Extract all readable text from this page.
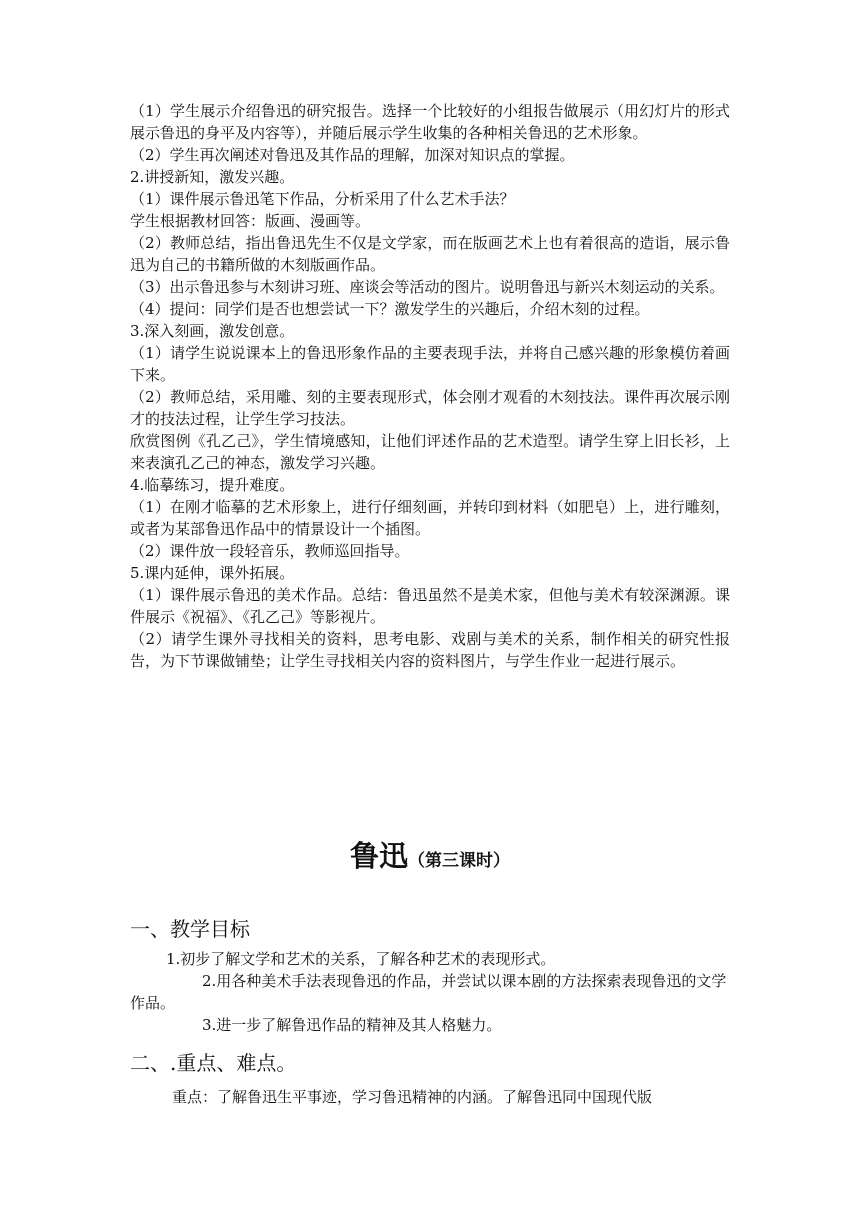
（1）学生展示介绍鲁迅的研究报告。选择一个比较好的小组报告做展示（用幻灯片的形式展示鲁迅的身平及内容等），并随后展示学生收集的各种相关鲁迅的艺术形象。

（2）学生再次阐述对鲁迅及其作品的理解，加深对知识点的掌握。

2.讲授新知，激发兴趣。

（1）课件展示鲁迅笔下作品，分析采用了什么艺术手法？

学生根据教材回答：版画、漫画等。

（2）教师总结，指出鲁迅先生不仅是文学家，而在版画艺术上也有着很高的造诣，展示鲁迅为自己的书籍所做的木刻版画作品。

（3）出示鲁迅参与木刻讲习班、座谈会等活动的图片。说明鲁迅与新兴木刻运动的关系。

（4）提问：同学们是否也想尝试一下？激发学生的兴趣后，介绍木刻的过程。

3.深入刻画，激发创意。

（1）请学生说说课本上的鲁迅形象作品的主要表现手法，并将自己感兴趣的形象模仿着画下来。

（2）教师总结，采用雕、刻的主要表现形式，体会刚才观看的木刻技法。课件再次展示刚才的技法过程，让学生学习技法。

欣赏图例《孔乙己》，学生情境感知，让他们评述作品的艺术造型。请学生穿上旧长衫，上来表演孔乙己的神态，激发学习兴趣。

4.临摹练习，提升难度。

（1）在刚才临摹的艺术形象上，进行仔细刻画，并转印到材料（如肥皂）上，进行雕刻，或者为某部鲁迅作品中的情景设计一个插图。

（2）课件放一段轻音乐，教师巡回指导。

5.课内延伸，课外拓展。

（1）课件展示鲁迅的美术作品。总结：鲁迅虽然不是美术家，但他与美术有较深渊源。课件展示《祝福》、《孔乙己》等影视片。

（2）请学生课外寻找相关的资料，思考电影、戏剧与美术的关系，制作相关的研究性报告，为下节课做铺垫；让学生寻找相关内容的资料图片，与学生作业一起进行展示。

鲁迅（第三课时）

一、教学目标

1.初步了解文学和艺术的关系，了解各种艺术的表现形式。

2.用各种美术手法表现鲁迅的作品，并尝试以课本剧的方法探索表现鲁迅的文学作品。

3.进一步了解鲁迅作品的精神及其人格魅力。

二、.重点、难点。

重点：了解鲁迅生平事迹，学习鲁迅精神的内涵。了解鲁迅同中国现代版
